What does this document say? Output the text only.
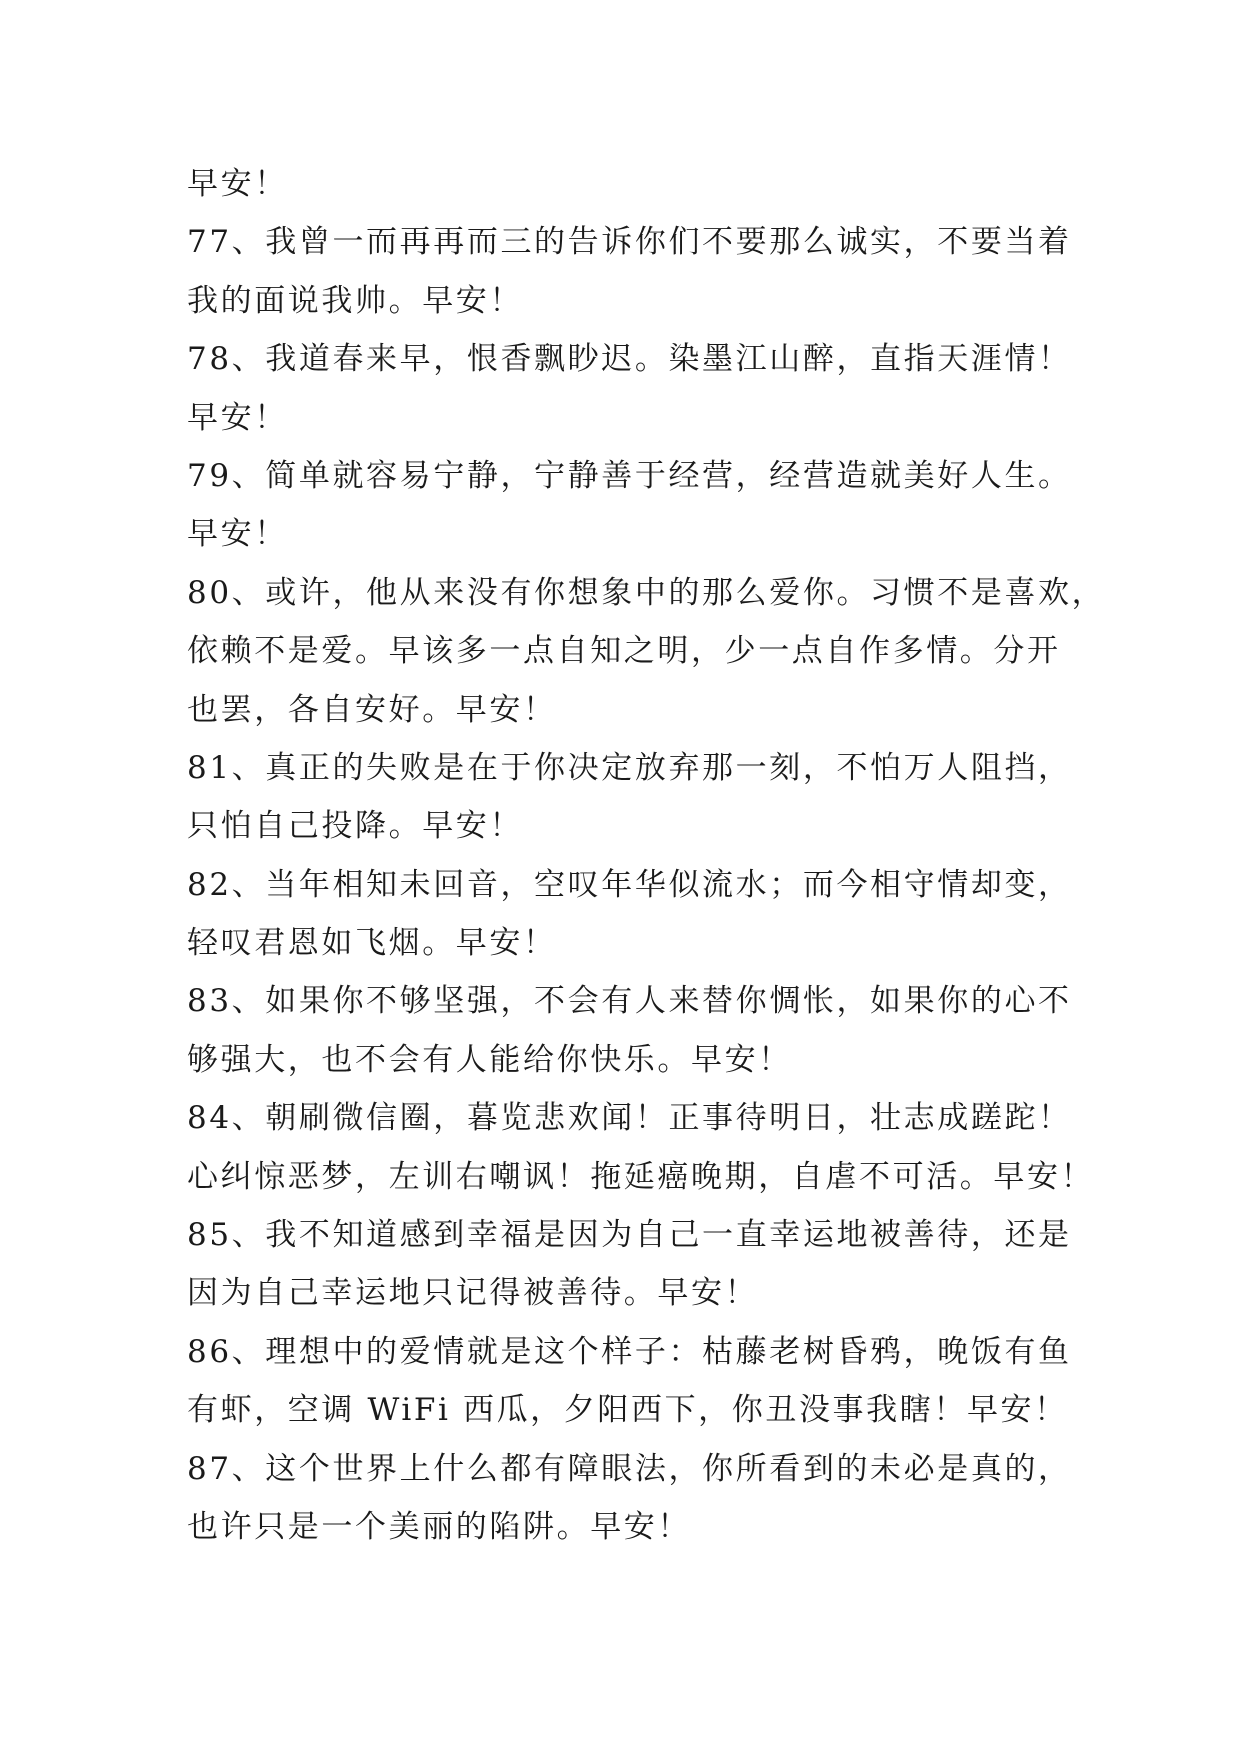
早安！
77、我曾一而再再而三的告诉你们不要那么诚实，不要当着
我的面说我帅。早安！
78、我道春来早，恨香飘眇迟。染墨江山醉，直指天涯情！
早安！
79、简单就容易宁静，宁静善于经营，经营造就美好人生。
早安！
80、或许，他从来没有你想象中的那么爱你。习惯不是喜欢，
依赖不是爱。早该多一点自知之明，少一点自作多情。分开
也罢，各自安好。早安！
81、真正的失败是在于你决定放弃那一刻，不怕万人阻挡，
只怕自己投降。早安！
82、当年相知未回音，空叹年华似流水；而今相守情却变，
轻叹君恩如飞烟。早安！
83、如果你不够坚强，不会有人来替你惆怅，如果你的心不
够强大，也不会有人能给你快乐。早安！
84、朝刷微信圈，暮览悲欢闻！正事待明日，壮志成蹉跎！
心纠惊恶梦，左训右嘲讽！拖延癌晚期，自虐不可活。早安！
85、我不知道感到幸福是因为自己一直幸运地被善待，还是
因为自己幸运地只记得被善待。早安！
86、理想中的爱情就是这个样子：枯藤老树昏鸦，晚饭有鱼
有虾，空调 WiFi 西瓜，夕阳西下，你丑没事我瞎！早安！
87、这个世界上什么都有障眼法，你所看到的未必是真的，
也许只是一个美丽的陷阱。早安！
